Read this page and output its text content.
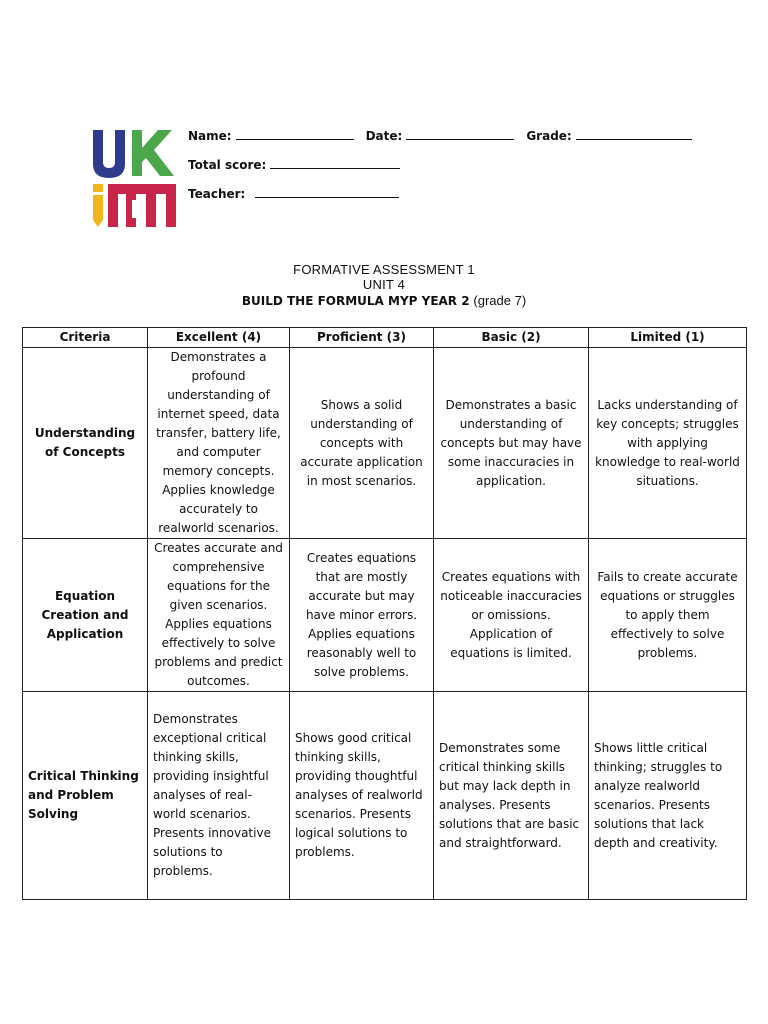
Name:	Date:	Grade:
Total score:
Teacher:
FORMATIVE ASSESSMENT 1
UNIT 4
BUILD THE FORMULA MYP YEAR 2 (grade 7)
Criteria	Excellent (4)	Proficient (3)	Basic (2)	Limited (1)
Understanding of Concepts	Demonstrates a profound understanding of internet speed, data transfer, battery life, and computer memory concepts. Applies knowledge accurately to realworld scenarios.	Shows a solid understanding of concepts with accurate application in most scenarios.	Demonstrates a basic understanding of concepts but may have some inaccuracies in application.	Lacks understanding of key concepts; struggles with applying knowledge to real-world situations.
Equation Creation and Application	Creates accurate and comprehensive equations for the given scenarios. Applies equations effectively to solve problems and predict outcomes.	Creates equations that are mostly accurate but may have minor errors. Applies equations reasonably well to solve problems.	Creates equations with noticeable inaccuracies or omissions. Application of equations is limited.	Fails to create accurate equations or struggles to apply them effectively to solve problems.
Critical Thinking and Problem Solving	Demonstrates exceptional critical thinking skills, providing insightful analyses of real-world scenarios. Presents innovative solutions to problems.	Shows good critical thinking skills, providing thoughtful analyses of realworld scenarios. Presents logical solutions to problems.	Demonstrates some critical thinking skills but may lack depth in analyses. Presents solutions that are basic and straightforward.	Shows little critical thinking; struggles to analyze realworld scenarios. Presents solutions that lack depth and creativity.
